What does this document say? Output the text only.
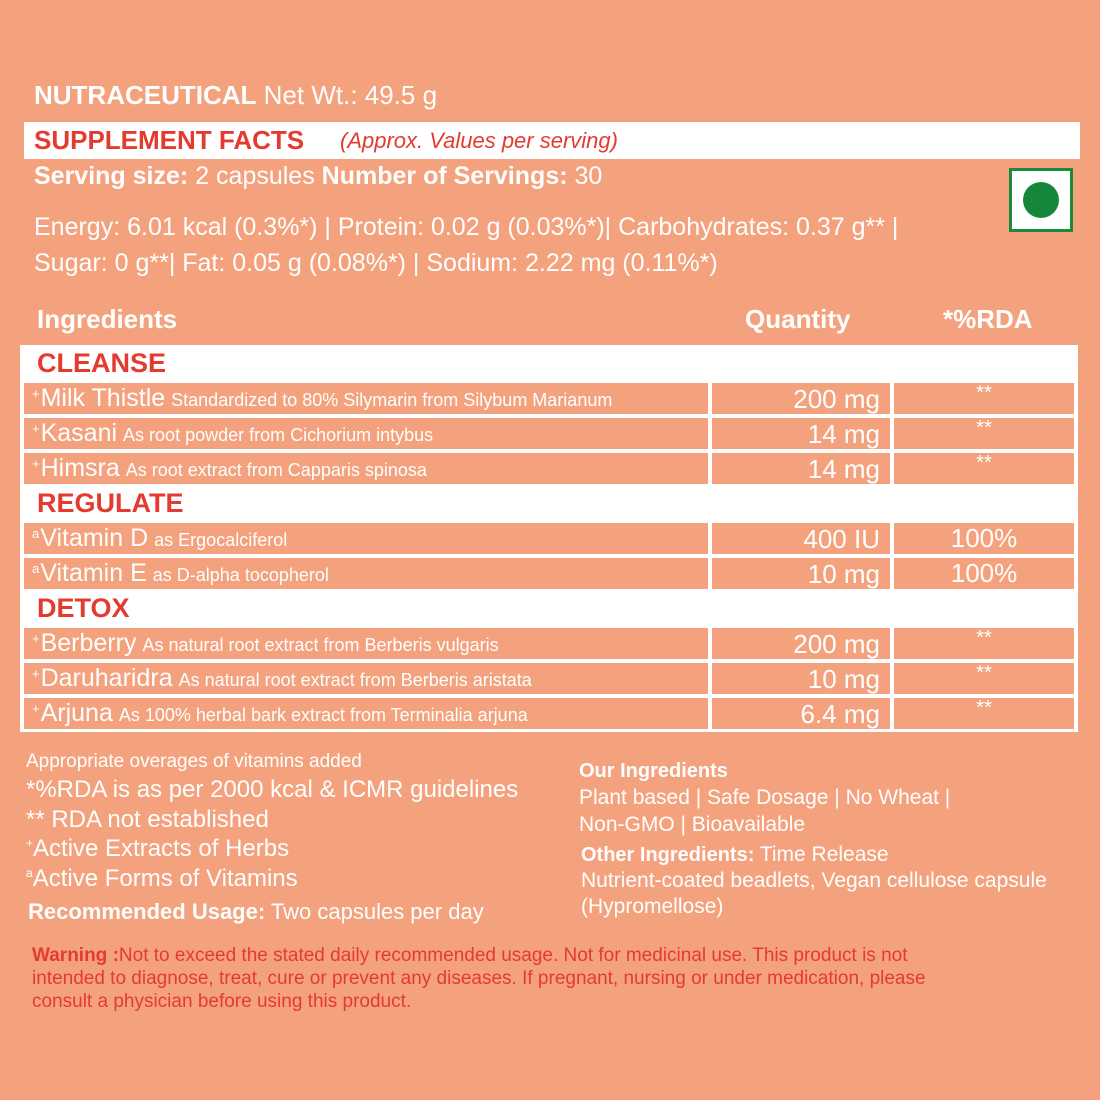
NUTRACEUTICAL Net Wt.: 49.5 g
SUPPLEMENT FACTS (Approx. Values per serving)
Serving size: 2 capsules Number of Servings: 30
Energy: 6.01 kcal (0.3%*) | Protein: 0.02 g (0.03%*)| Carbohydrates: 0.37 g** |
Sugar: 0 g**| Fat: 0.05 g (0.08%*) | Sodium: 2.22 mg (0.11%*)
Ingredients	Quantity	*%RDA
CLEANSE
+Milk Thistle Standardized to 80% Silymarin from Silybum Marianum	200 mg	**
+Kasani As root powder from Cichorium intybus	14 mg	**
+Himsra As root extract from Capparis spinosa	14 mg	**
REGULATE
$^a$Vitamin D as Ergocalciferol	400 IU	100%
$^a$Vitamin E as D-alpha tocopherol	10 mg	100%
DETOX
+Berberry As natural root extract from Berberis vulgaris	200 mg	**
+Daruharidra As natural root extract from Berberis aristata	10 mg	**
+Arjuna As 100% herbal bark extract from Terminalia arjuna	6.4 mg	**
Appropriate overages of vitamins added
*%RDA is as per 2000 kcal & ICMR guidelines
** RDA not established
+Active Extracts of Herbs
$^a$Active Forms of Vitamins
Recommended Usage: Two capsules per day
Our Ingredients
Plant based | Safe Dosage | No Wheat |
Non-GMO | Bioavailable
Other Ingredients: Time Release
Nutrient-coated beadlets, Vegan cellulose capsule
(Hypromellose)
Warning :Not to exceed the stated daily recommended usage. Not for medicinal use. This product is not intended to diagnose, treat, cure or prevent any diseases. If pregnant, nursing or under medication, please consult a physician before using this product.
